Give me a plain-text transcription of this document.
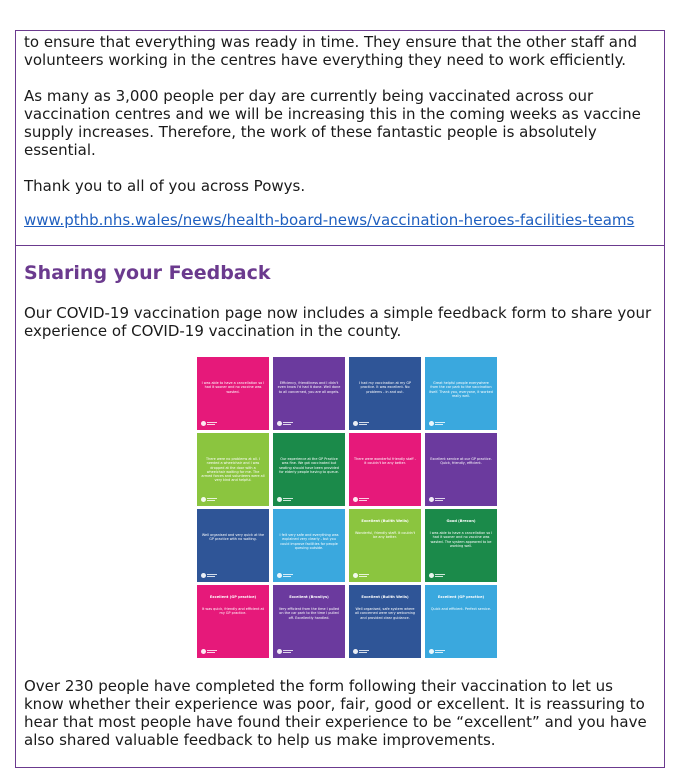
to ensure that everything was ready in time. They ensure that the other staff and volunteers working in the centres have everything they need to work efficiently.

As many as 3,000 people per day are currently being vaccinated across our vaccination centres and we will be increasing this in the coming weeks as vaccine supply increases. Therefore, the work of these fantastic people is absolutely essential.

Thank you to all of you across Powys.

www.pthb.nhs.wales/news/health-board-news/vaccination-heroes-facilities-teams

Sharing your Feedback

Our COVID-19 vaccination page now includes a simple feedback form to share your experience of COVID-19 vaccination in the county.

I was able to have a cancellation so I had it sooner and no vaccine was wasted.
Efficiency, friendliness and I didn't even know I'd had it done. Well done to all concerned, you are all angels.
I had my vaccination at my GP practice. It was excellent. No problems - in and out.
Great helpful people everywhere from the car park to the vaccination itself. Thank you, everyone, it worked really well.
There were no problems at all. I needed a wheelchair and I was dropped at the door with a wheelchair waiting for me. The armed forces and volunteers were all very kind and helpful.
Our experience at the GP Practice was fine. We got vaccinated but seating should have been provided for elderly people having to queue.
There were wonderful friendly staff - it couldn't be any better.
Excellent service at our GP practice. Quick, friendly, efficient.
Well organised and very quick at the GP practice with no waiting.
I felt very safe and everything was explained very clearly - but you could improve facilities for people queuing outside.
Excellent (Builth Wells)
Wonderful, friendly staff. It couldn't be any better.
Good (Brecon)
I was able to have a cancellation so I had it sooner and no vaccine was wasted. The system appeared to be working well.
Excellent (GP practice)
It was quick, friendly and efficient at my GP practice.
Excellent (Bronllys)
Very efficient from the time I pulled on the car park to the time I pulled off. Excellently handled.
Excellent (Builth Wells)
Well organised, safe system where all concerned were very welcoming and provided clear guidance.
Excellent (GP practice)
Quick and efficient. Perfect service.

Over 230 people have completed the form following their vaccination to let us know whether their experience was poor, fair, good or excellent. It is reassuring to hear that most people have found their experience to be “excellent” and you have also shared valuable feedback to help us make improvements.
